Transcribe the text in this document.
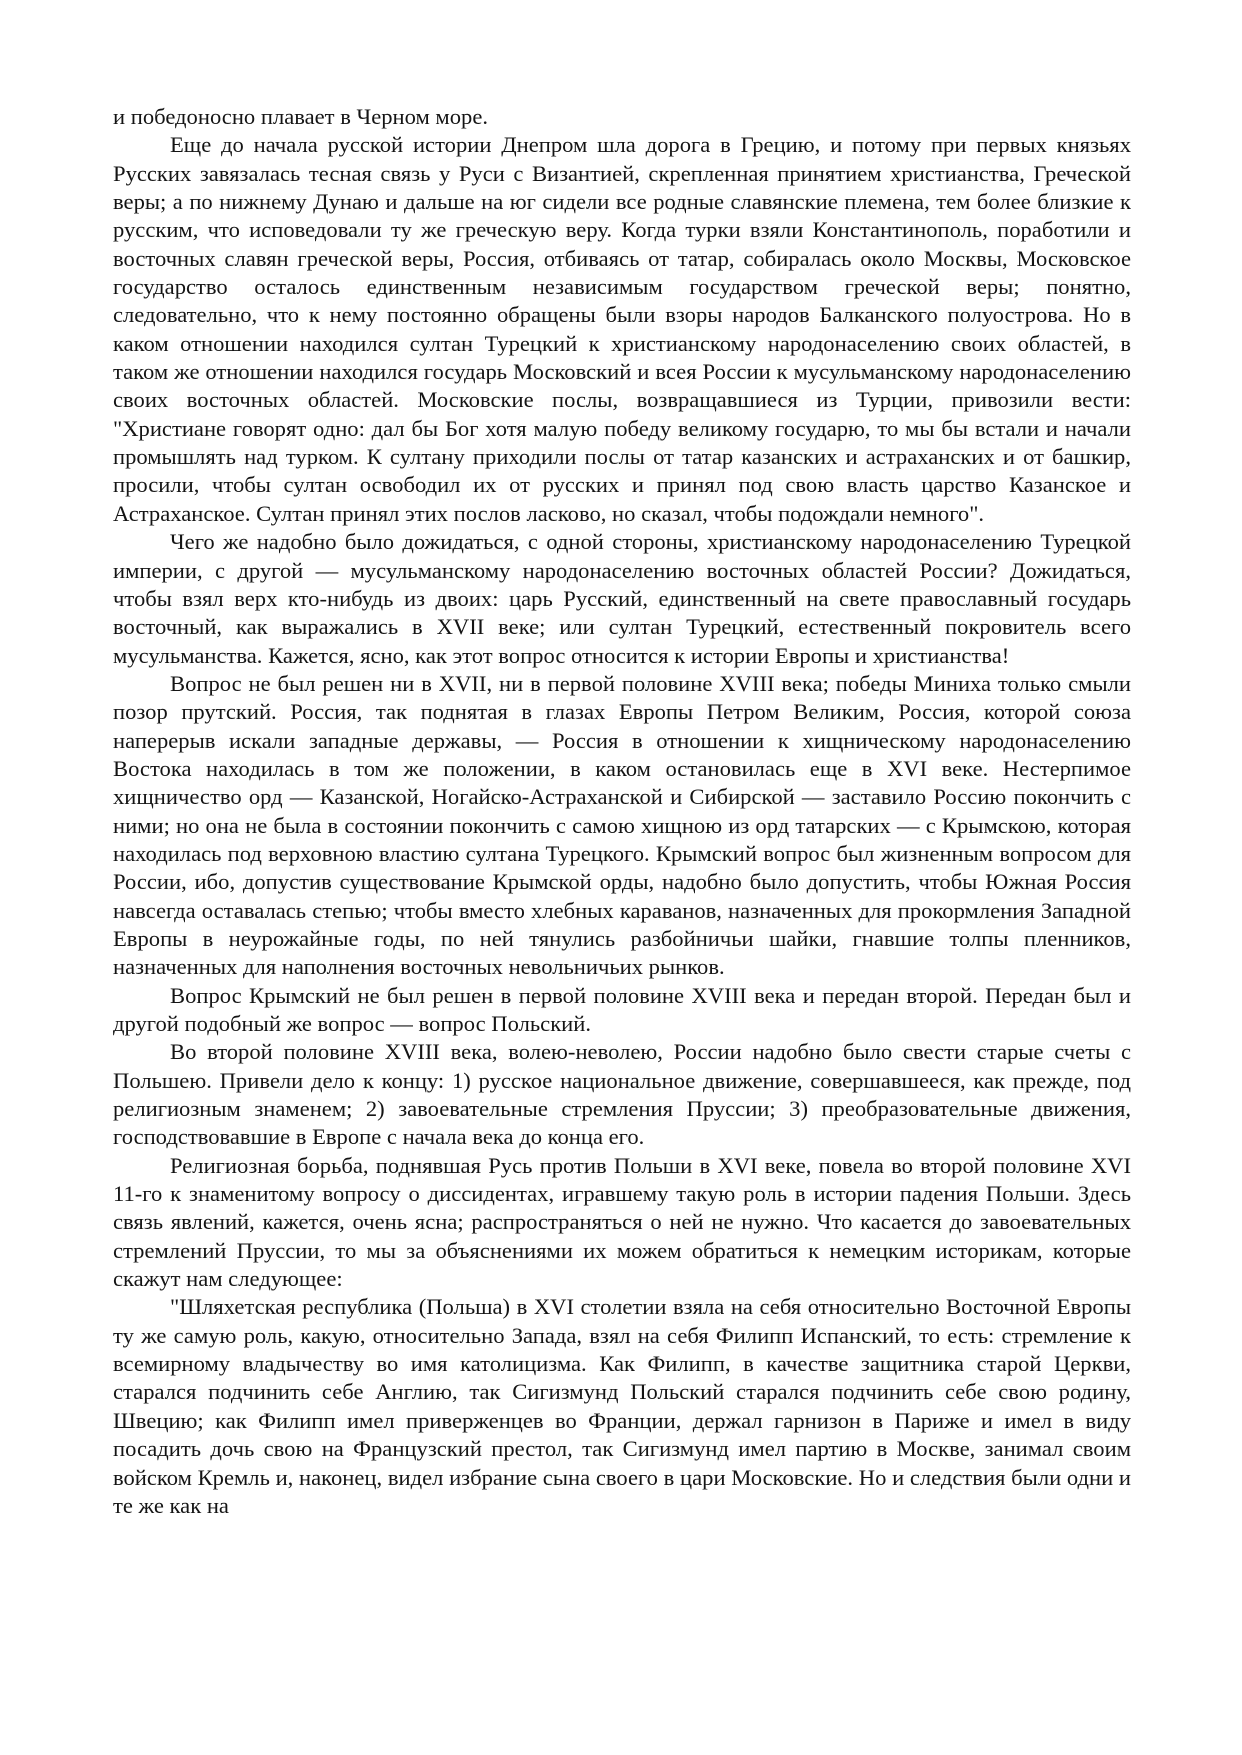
и победоносно плавает в Черном море.

Еще до начала русской истории Днепром шла дорога в Грецию, и потому при первых князьях Русских завязалась тесная связь у Руси с Византией, скрепленная принятием христианства, Греческой веры; а по нижнему Дунаю и дальше на юг сидели все родные славянские племена, тем более близкие к русским, что исповедовали ту же греческую веру. Когда турки взяли Константинополь, поработили и восточных славян греческой веры, Россия, отбиваясь от татар, собиралась около Москвы, Московское государство осталось единственным независимым государством греческой веры; понятно, следовательно, что к нему постоянно обращены были взоры народов Балканского полуострова. Но в каком отношении находился султан Турецкий к христианскому народонаселению своих областей, в таком же отношении находился государь Московский и всея России к мусульманскому народонаселению своих восточных областей. Московские послы, возвращавшиеся из Турции, привозили вести: "Христиане говорят одно: дал бы Бог хотя малую победу великому государю, то мы бы встали и начали промышлять над турком. К султану приходили послы от татар казанских и астраханских и от башкир, просили, чтобы султан освободил их от русских и принял под свою власть царство Казанское и Астраханское. Султан принял этих послов ласково, но сказал, чтобы подождали немного".

Чего же надобно было дожидаться, с одной стороны, христианскому народонаселению Турецкой империи, с другой — мусульманскому народонаселению восточных областей России? Дожидаться, чтобы взял верх кто-нибудь из двоих: царь Русский, единственный на свете православный государь восточный, как выражались в XVII веке; или султан Турецкий, естественный покровитель всего мусульманства. Кажется, ясно, как этот вопрос относится к истории Европы и христианства!

Вопрос не был решен ни в XVII, ни в первой половине XVIII века; победы Миниха только смыли позор прутский. Россия, так поднятая в глазах Европы Петром Великим, Россия, которой союза наперерыв искали западные державы, — Россия в отношении к хищническому народонаселению Востока находилась в том же положении, в каком остановилась еще в XVI веке. Нестерпимое хищничество орд — Казанской, Ногайско-Астраханской и Сибирской — заставило Россию покончить с ними; но она не была в состоянии покончить с самою хищною из орд татарских — с Крымскою, которая находилась под верховною властию султана Турецкого. Крымский вопрос был жизненным вопросом для России, ибо, допустив существование Крымской орды, надобно было допустить, чтобы Южная Россия навсегда оставалась степью; чтобы вместо хлебных караванов, назначенных для прокормления Западной Европы в неурожайные годы, по ней тянулись разбойничьи шайки, гнавшие толпы пленников, назначенных для наполнения восточных невольничьих рынков.

Вопрос Крымский не был решен в первой половине XVIII века и передан второй. Передан был и другой подобный же вопрос — вопрос Польский.

Во второй половине XVIII века, волею-неволею, России надобно было свести старые счеты с Польшею. Привели дело к концу: 1) русское национальное движение, совершавшееся, как прежде, под религиозным знаменем; 2) завоевательные стремления Пруссии; 3) преобразовательные движения, господствовавшие в Европе с начала века до конца его.

Религиозная борьба, поднявшая Русь против Польши в XVI веке, повела во второй половине XVI 11-го к знаменитому вопросу о диссидентах, игравшему такую роль в истории падения Польши. Здесь связь явлений, кажется, очень ясна; распространяться о ней не нужно. Что касается до завоевательных стремлений Пруссии, то мы за объяснениями их можем обратиться к немецким историкам, которые скажут нам следующее:

"Шляхетская республика (Польша) в XVI столетии взяла на себя относительно Восточной Европы ту же самую роль, какую, относительно Запада, взял на себя Филипп Испанский, то есть: стремление к всемирному владычеству во имя католицизма. Как Филипп, в качестве защитника старой Церкви, старался подчинить себе Англию, так Сигизмунд Польский старался подчинить себе свою родину, Швецию; как Филипп имел приверженцев во Франции, держал гарнизон в Париже и имел в виду посадить дочь свою на Французский престол, так Сигизмунд имел партию в Москве, занимал своим войском Кремль и, наконец, видел избрание сына своего в цари Московские. Но и следствия были одни и те же как на
